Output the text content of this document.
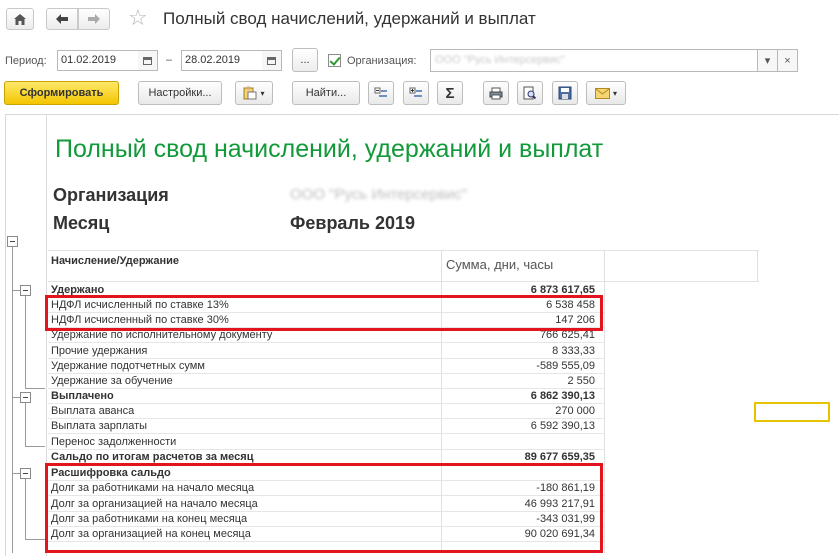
☆ Полный свод начислений, удержаний и выплат
Период:	01.02.2019	–	28.02.2019	...	Организация:	ООО "Русь Интерсервис"	▾	×
Сформировать	Настройки...	▾	Найти...	Σ	▾
Полный свод начислений, удержаний и выплат
Организация	ООО "Русь Интерсервис"
Месяц	Февраль 2019
Начисление/Удержание	Сумма, дни, часы
Удержано	6 873 617,65
НДФЛ исчисленный по ставке 13%	6 538 458
НДФЛ исчисленный по ставке 30%	147 206
Удержание по исполнительному документу	766 625,41
Прочие удержания	8 333,33
Удержание подотчетных сумм	-589 555,09
Удержание за обучение	2 550
Выплачено	6 862 390,13
Выплата аванса	270 000
Выплата зарплаты	6 592 390,13
Перенос задолженности
Сальдо по итогам расчетов за месяц	89 677 659,35
Расшифровка сальдо
Долг за работниками на начало месяца	-180 861,19
Долг за организацией на начало месяца	46 993 217,91
Долг за работниками на конец месяца	-343 031,99
Долг за организацией на конец месяца	90 020 691,34
